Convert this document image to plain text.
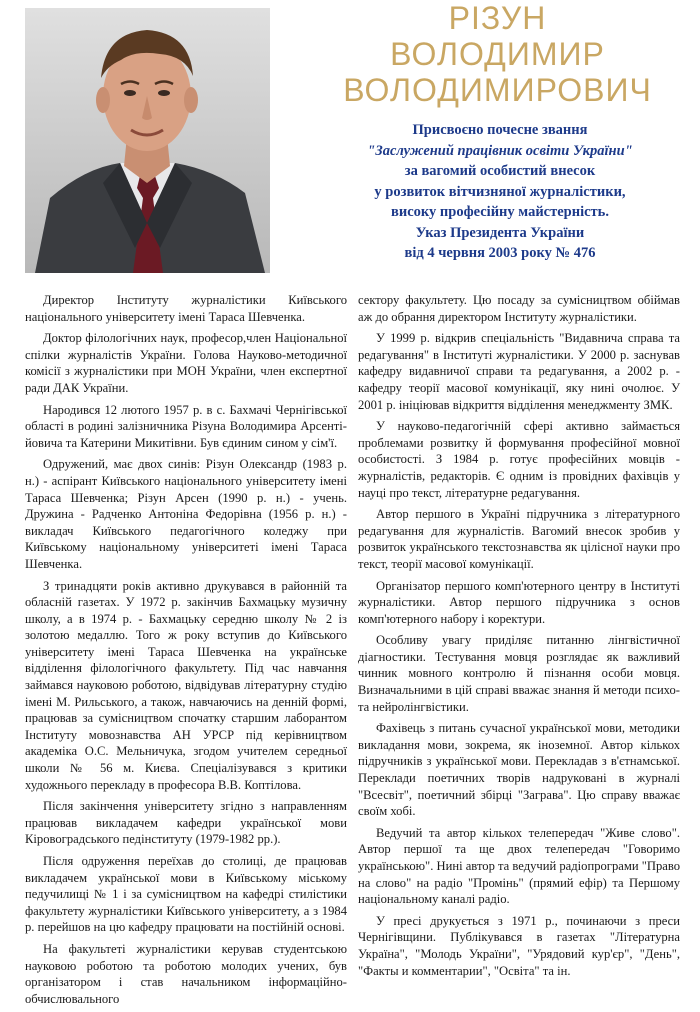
РІЗУН
ВОЛОДИМИР
ВОЛОДИМИРОВИЧ
Присвоєно почесне звання
"Заслужений працівник освіти України"
за вагомий особистий внесок
у розвиток вітчизняної журналістики,
високу професійну майстерність.
Указ Президента України
від 4 червня 2003 року № 476

Директор Інституту журналістики Київського національного університету імені Тараса Шевченка.

Доктор філологічних наук, професор,член Національної спілки журналістів України. Голова Науково-методичної комісії з журналістики при МОН України, член експертної ради ДАК України.

Народився 12 лютого 1957 р. в с. Бахмачі Чернігівської області в родині залізничника Різуна Володимира Арсенті-йовича та Катерини Микитівни. Був єдиним сином у сім'ї.

Одружений, має двох синів: Різун Олександр (1983 р. н.) - аспірант Київського національного університету імені Тараса Шевченка; Різун Арсен (1990 р. н.) - учень. Дружина - Радченко Антоніна Федорівна (1956 р. н.) - викладач Київського педагогічного коледжу при Київському національному університеті імені Тараса Шевченка.

З тринадцяти років активно друкувався в районній та обласній газетах. У 1972 р. закінчив Бахмацьку музичну школу, а в 1974 р. - Бахмацьку середню школу № 2 із золотою медаллю. Того ж року вступив до Київського університету імені Тараса Шевченка на українське відділення філологічного факультету. Під час навчання займався науковою роботою, відвідував літературну студію імені М. Рильського, а також, навчаючись на денній формі, працював за сумісництвом спочатку старшим лаборантом Інституту мовознавства АН УРСР під керівництвом академіка О.С. Мельничука, згодом учителем середньої школи № 56 м. Києва. Спеціалізувався з критики художнього перекладу в професора В.В. Коптілова.

Після закінчення університету згідно з направленням працював викладачем кафедри української мови Кіровоградського педінституту (1979-1982 рр.).

Після одруження переїхав до столиці, де працював викладачем української мови в Київському міському педучилищі № 1 і за сумісництвом на кафедрі стилістики факультету журналістики Київського університету, а з 1984 р. перейшов на цю кафедру працювати на постійній основі.

На факультеті журналістики керував студентською науковою роботою та роботою молодих учених, був організатором і став начальником інформаційно-обчислювального

сектору факультету. Цю посаду за сумісництвом обіймав аж до обрання директором Інституту журналістики.

У 1999 р. відкрив спеціальність "Видавнича справа та редагування" в Інституті журналістики. У 2000 р. заснував кафедру видавничої справи та редагування, а 2002 р. - кафедру теорії масової комунікації, яку нині очолює. У 2001 р. ініціював відкриття відділення менеджменту ЗМК.

У науково-педагогічній сфері активно займається проблемами розвитку й формування професійної мовної особистості. З 1984 р. готує професійних мовців - журналістів, редакторів. Є одним із провідних фахівців у науці про текст, літературне редагування.

Автор першого в Україні підручника з літературного редагування для журналістів. Вагомий внесок зробив у розвиток українського текстознавства як цілісної науки про текст, теорії масової комунікації.

Організатор першого комп'ютерного центру в Інституті журналістики. Автор першого підручника з основ комп'ютерного набору і коректури.

Особливу увагу приділяє питанню лінгвістичної діагностики. Тестування мовця розглядає як важливий чинник мовного контролю й пізнання особи мовця. Визначальними в цій справі вважає знання й методи психо- та нейролінгвістики.

Фахівець з питань сучасної української мови, методики викладання мови, зокрема, як іноземної. Автор кількох підручників з української мови. Перекладав з в'єтнамської. Переклади поетичних творів надруковані в журналі "Всесвіт", поетичний збірці "Заграва". Цю справу вважає своїм хобі.

Ведучий та автор кількох телепередач "Живе слово". Автор першої та ще двох телепередач "Говоримо українською". Нині автор та ведучий радіопрограми "Право на слово" на радіо "Промінь" (прямий ефір) та Першому національному каналі радіо.

У пресі друкується з 1971 р., починаючи з преси Чернігівщини. Публікувався в газетах "Літературна Україна", "Молодь України", "Урядовий кур'єр", "День", "Факты и комментарии", "Освіта" та ін.
